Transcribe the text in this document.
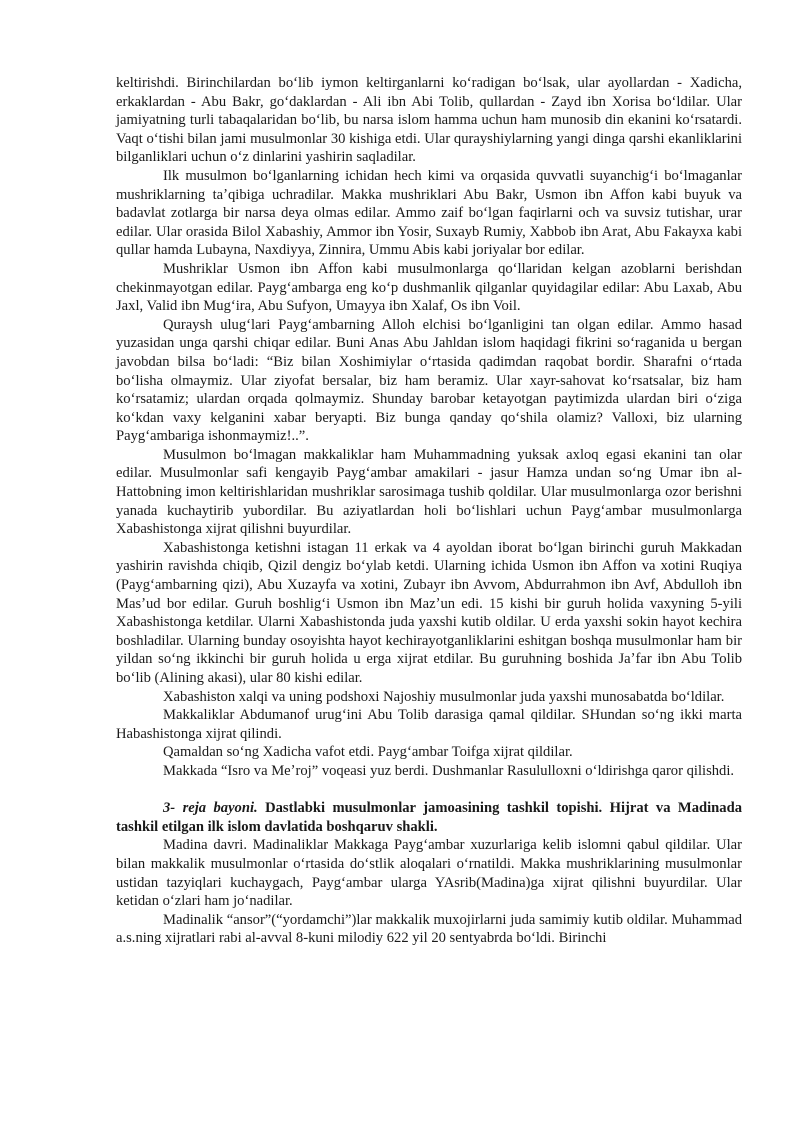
keltirishdi. Birinchilardan boʻlib iymon keltirganlarni koʻradigan boʻlsak, ular ayollardan - Xadicha, erkaklardan - Abu Bakr, goʻdaklardan - Ali ibn Abi Tolib, qullardan - Zayd ibn Xorisa boʻldilar. Ular jamiyatning turli tabaqalaridan boʻlib, bu narsa islom hamma uchun ham munosib din ekanini koʻrsatardi. Vaqt oʻtishi bilan jami musulmonlar 30 kishiga etdi. Ular qurayshiylarning yangi dinga qarshi ekanliklarini bilganliklari uchun oʻz dinlarini yashirin saqladilar.

Ilk musulmon boʻlganlarning ichidan hech kimi va orqasida quvvatli suyanchigʻi boʻlmaganlar mushriklarning taʼqibiga uchradilar. Makka mushriklari Abu Bakr, Usmon ibn Affon kabi buyuk va badavlat zotlarga bir narsa deya olmas edilar. Ammo zaif boʻlgan faqirlarni och va suvsiz tutishar, urar edilar. Ular orasida Bilol Xabashiy, Ammor ibn Yosir, Suxayb Rumiy, Xabbob ibn Arat, Abu Fakayxa kabi qullar hamda Lubayna, Naxdiyya, Zinnira, Ummu Abis kabi joriyalar bor edilar.

Mushriklar Usmon ibn Affon kabi musulmonlarga qoʻllaridan kelgan azoblarni berishdan chekinmayotgan edilar. Paygʻambarga eng koʻp dushmanlik qilganlar quyidagilar edilar: Abu Laxab, Abu Jaxl, Valid ibn Mugʻira, Abu Sufyon, Umayya ibn Xalaf, Os ibn Voil.

Quraysh ulugʻlari Paygʻambarning Alloh elchisi boʻlganligini tan olgan edilar. Ammo hasad yuzasidan unga qarshi chiqar edilar. Buni Anas Abu Jahldan islom haqidagi fikrini soʻraganida u bergan javobdan bilsa boʻladi: “Biz bilan Xoshimiylar oʻrtasida qadimdan raqobat bordir. Sharafni oʻrtada boʻlisha olmaymiz. Ular ziyofat bersalar, biz ham beramiz. Ular xayr-sahovat koʻrsatsalar, biz ham koʻrsatamiz; ulardan orqada qolmaymiz. Shunday barobar ketayotgan paytimizda ulardan biri oʻziga koʻkdan vaxy kelganini xabar beryapti. Biz bunga qanday qoʻshila olamiz? Valloxi, biz ularning Paygʻambariga ishonmaymiz!..”.

Musulmon boʻlmagan makkaliklar ham Muhammadning yuksak axloq egasi ekanini tan olar edilar. Musulmonlar safi kengayib Paygʻambar amakilari - jasur Hamza undan soʻng Umar ibn al-Hattobning imon keltirishlaridan mushriklar sarosimaga tushib qoldilar. Ular musulmonlarga ozor berishni yanada kuchaytirib yubordilar. Bu aziyatlardan holi boʻlishlari uchun Paygʻambar musulmonlarga Xabashistonga xijrat qilishni buyurdilar.

Xabashistonga ketishni istagan 11 erkak va 4 ayoldan iborat boʻlgan birinchi guruh Makkadan yashirin ravishda chiqib, Qizil dengiz boʻylab ketdi. Ularning ichida Usmon ibn Affon va xotini Ruqiya (Paygʻambarning qizi), Abu Xuzayfa va xotini, Zubayr ibn Avvom, Abdurrahmon ibn Avf, Abdulloh ibn Masʼud bor edilar. Guruh boshligʻi Usmon ibn Mazʼun edi. 15 kishi bir guruh holida vaxyning 5-yili Xabashistonga ketdilar. Ularni Xabashistonda juda yaxshi kutib oldilar. U erda yaxshi sokin hayot kechira boshladilar. Ularning bunday osoyishta hayot kechirayotganliklarini eshitgan boshqa musulmonlar ham bir yildan soʻng ikkinchi bir guruh holida u erga xijrat etdilar. Bu guruhning boshida Jaʼfar ibn Abu Tolib boʻlib (Alining akasi), ular 80 kishi edilar.

Xabashiston xalqi va uning podshoxi Najoshiy musulmonlar juda yaxshi munosabatda boʻldilar.

Makkaliklar Abdumanof urugʻini Abu Tolib darasiga qamal qildilar. SHundan soʻng ikki marta Habashistonga xijrat qilindi.

Qamaldan soʻng Xadicha vafot etdi. Paygʻambar Toifga xijrat qildilar.

Makkada “Isro va Meʼroj” voqeasi yuz berdi. Dushmanlar Rasululloxni oʻldirishga qaror qilishdi.

3- reja bayoni. Dastlabki musulmonlar jamoasining tashkil topishi. Hijrat va Madinada tashkil etilgan ilk islom davlatida boshqaruv shakli.

Madina davri. Madinaliklar Makkaga Paygʻambar xuzurlariga kelib islomni qabul qildilar. Ular bilan makkalik musulmonlar oʻrtasida doʻstlik aloqalari oʻrnatildi. Makka mushriklarining musulmonlar ustidan tazyiqlari kuchaygach, Paygʻambar ularga YAsrib(Madina)ga xijrat qilishni buyurdilar. Ular ketidan oʻzlari ham joʻnadilar.

Madinalik “ansor”(“yordamchi”)lar makkalik muxojirlarni juda samimiy kutib oldilar. Muhammad a.s.ning xijratlari rabi al-avval 8-kuni milodiy 622 yil 20 sentyabrda boʻldi. Birinchi
